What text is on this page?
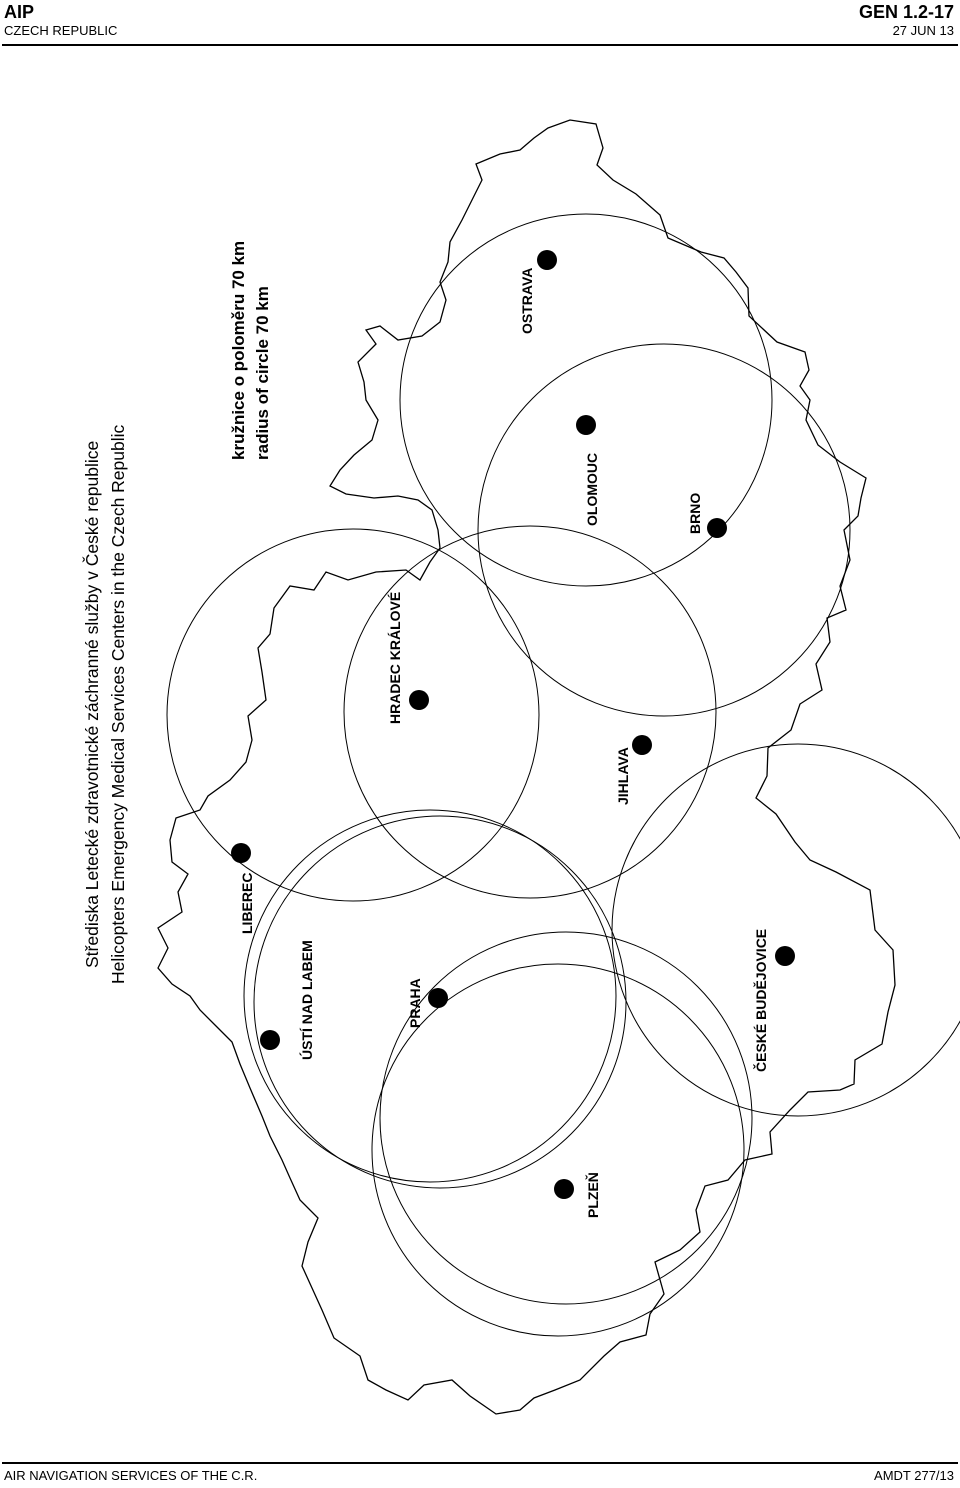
AIP
CZECH REPUBLIC
GEN 1.2-17
27 JUN 13
OSTRAVA
OLOMOUC	BRNO
HRADEC KRÁLOVÉ
JIHLAVA
LIBEREC
ÚSTÍ NAD LABEM	PRAHA	ČESKÉ BUDĚJOVICE
PLZEŇ
Střediska Letecké zdravotnické záchranné služby v České republice Helicopters Emergency Medical Services Centers in the Czech Republic
kružnice o poloměru 70 km radius of circle 70 km
AIR NAVIGATION SERVICES OF THE C.R.	AMDT 277/13
